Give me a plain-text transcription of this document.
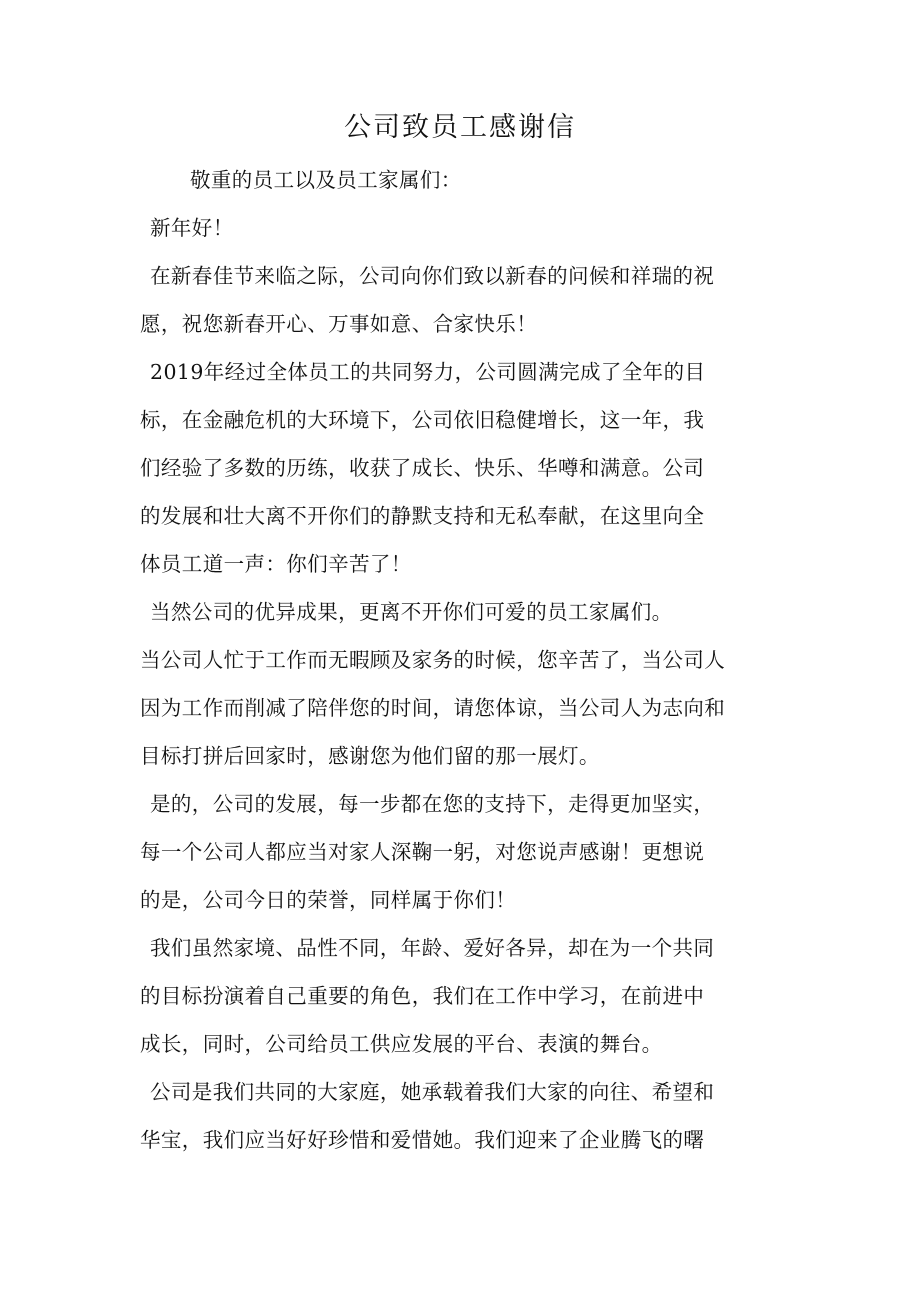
公司致员工感谢信
敬重的员工以及员工家属们：
新年好！
在新春佳节来临之际，公司向你们致以新春的问候和祥瑞的祝
愿，祝您新春开心、万事如意、合家快乐！
2019年经过全体员工的共同努力，公司圆满完成了全年的目
标，在金融危机的大环境下，公司依旧稳健增长，这一年，我
们经验了多数的历练，收获了成长、快乐、华噂和满意。公司
的发展和壮大离不开你们的静默支持和无私奉献，在这里向全
体员工道一声：你们辛苦了！
当然公司的优异成果，更离不开你们可爱的员工家属们。
当公司人忙于工作而无暇顾及家务的时候，您辛苦了，当公司人
因为工作而削减了陪伴您的时间，请您体谅，当公司人为志向和
目标打拼后回家时，感谢您为他们留的那一展灯。
是的，公司的发展，每一步都在您的支持下，走得更加坚实，
每一个公司人都应当对家人深鞠一躬，对您说声感谢！更想说
的是，公司今日的荣誉，同样属于你们！
我们虽然家境、品性不同，年龄、爱好各异，却在为一个共同
的目标扮演着自己重要的角色，我们在工作中学习，在前进中
成长，同时，公司给员工供应发展的平台、表演的舞台。
公司是我们共同的大家庭，她承载着我们大家的向往、希望和
华宝，我们应当好好珍惜和爱惜她。我们迎来了企业腾飞的曙
